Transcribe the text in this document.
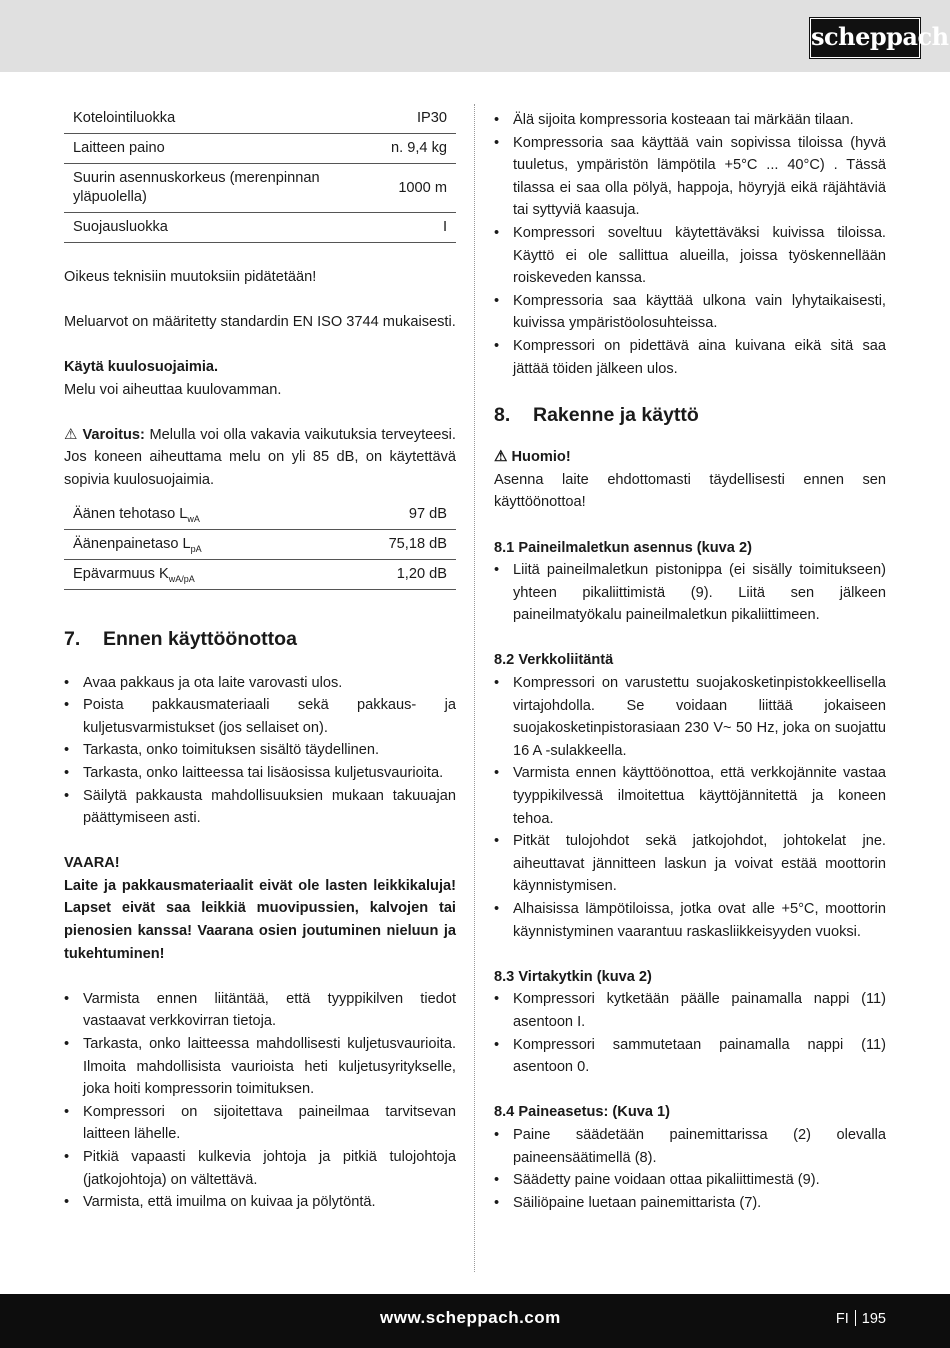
scheppach
Kotelointiluokka	IP30
Laitteen paino	n. 9,4 kg
Suurin asennuskorkeus (merenpinnan yläpuolella)	1000 m
Suojausluokka	I

Oikeus teknisiin muutoksiin pidätetään!

Meluarvot on määritetty standardin EN ISO 3744 mukaisesti.

Käytä kuulosuojaimia.

Melu voi aiheuttaa kuulovamman.

⚠ Varoitus: Melulla voi olla vakavia vaikutuksia terveyteesi. Jos koneen aiheuttama melu on yli 85 dB, on käytettävä sopivia kuulosuojaimia.

Äänen tehotaso $L_{wA}$	97 dB
Äänenpainetaso $L_{pA}$	75,18 dB
Epävarmuus $K_{wA/pA}$	1,20 dB
7.	Ennen käyttöönottoa
• Avaa pakkaus ja ota laite varovasti ulos.
• Poista pakkausmateriaali sekä pakkaus- ja kuljetusvarmistukset (jos sellaiset on).
• Tarkasta, onko toimituksen sisältö täydellinen.
• Tarkasta, onko laitteessa tai lisäosissa kuljetusvaurioita.
• Säilytä pakkausta mahdollisuuksien mukaan takuuajan päättymiseen asti.

VAARA!

Laite ja pakkausmateriaalit eivät ole lasten leikkikaluja! Lapset eivät saa leikkiä muovipussien, kalvojen tai pienosien kanssa! Vaarana osien joutuminen nieluun ja tukehtuminen!

• Varmista ennen liitäntää, että tyyppikilven tiedot vastaavat verkkovirran tietoja.
• Tarkasta, onko laitteessa mahdollisesti kuljetusvaurioita. Ilmoita mahdollisista vaurioista heti kuljetusyritykselle, joka hoiti kompressorin toimituksen.
• Kompressori on sijoitettava paineilmaa tarvitsevan laitteen lähelle.
• Pitkiä vapaasti kulkevia johtoja ja pitkiä tulojohtoja (jatkojohtoja) on vältettävä.
• Varmista, että imuilma on kuivaa ja pölytöntä.
• Älä sijoita kompressoria kosteaan tai märkään tilaan.
• Kompressoria saa käyttää vain sopivissa tiloissa (hyvä tuuletus, ympäristön lämpötila +5°C ... 40°C) . Tässä tilassa ei saa olla pölyä, happoja, höyryjä eikä räjähtäviä tai syttyviä kaasuja.
• Kompressori soveltuu käytettäväksi kuivissa tiloissa. Käyttö ei ole sallittua alueilla, joissa työskennellään roiskeveden kanssa.
• Kompressoria saa käyttää ulkona vain lyhytaikaisesti, kuivissa ympäristöolosuhteissa.
• Kompressori on pidettävä aina kuivana eikä sitä saa jättää töiden jälkeen ulos.
8.	Rakenne ja käyttö

⚠ Huomio!

Asenna laite ehdottomasti täydellisesti ennen sen käyttöönottoa!

8.1 Paineilmaletkun asennus (kuva 2)

• Liitä paineilmaletkun pistonippa (ei sisälly toimitukseen) yhteen pikaliittimistä (9). Liitä sen jälkeen paineilmatyökalu paineilmaletkun pikaliittimeen.

8.2 Verkkoliitäntä

• Kompressori on varustettu suojakosketinpistokkeellisella virtajohdolla. Se voidaan liittää jokaiseen suojakosketinpistorasiaan 230 V~ 50 Hz, joka on suojattu 16 A -sulakkeella.
• Varmista ennen käyttöönottoa, että verkkojännite vastaa tyyppikilvessä ilmoitettua käyttöjännitettä ja koneen tehoa.
• Pitkät tulojohdot sekä jatkojohdot, johtokelat jne. aiheuttavat jännitteen laskun ja voivat estää moottorin käynnistymisen.
• Alhaisissa lämpötiloissa, jotka ovat alle +5°C, moottorin käynnistyminen vaarantuu raskasliikkeisyyden vuoksi.

8.3 Virtakytkin (kuva 2)

• Kompressori kytketään päälle painamalla nappi (11) asentoon I.
• Kompressori sammutetaan painamalla nappi (11) asentoon 0.

8.4 Paineasetus: (Kuva 1)

• Paine säädetään painemittarissa (2) olevalla paineensäätimellä (8).
• Säädetty paine voidaan ottaa pikaliittimestä (9).
• Säiliöpaine luetaan painemittarista (7).
www.scheppach.com	FI 195
